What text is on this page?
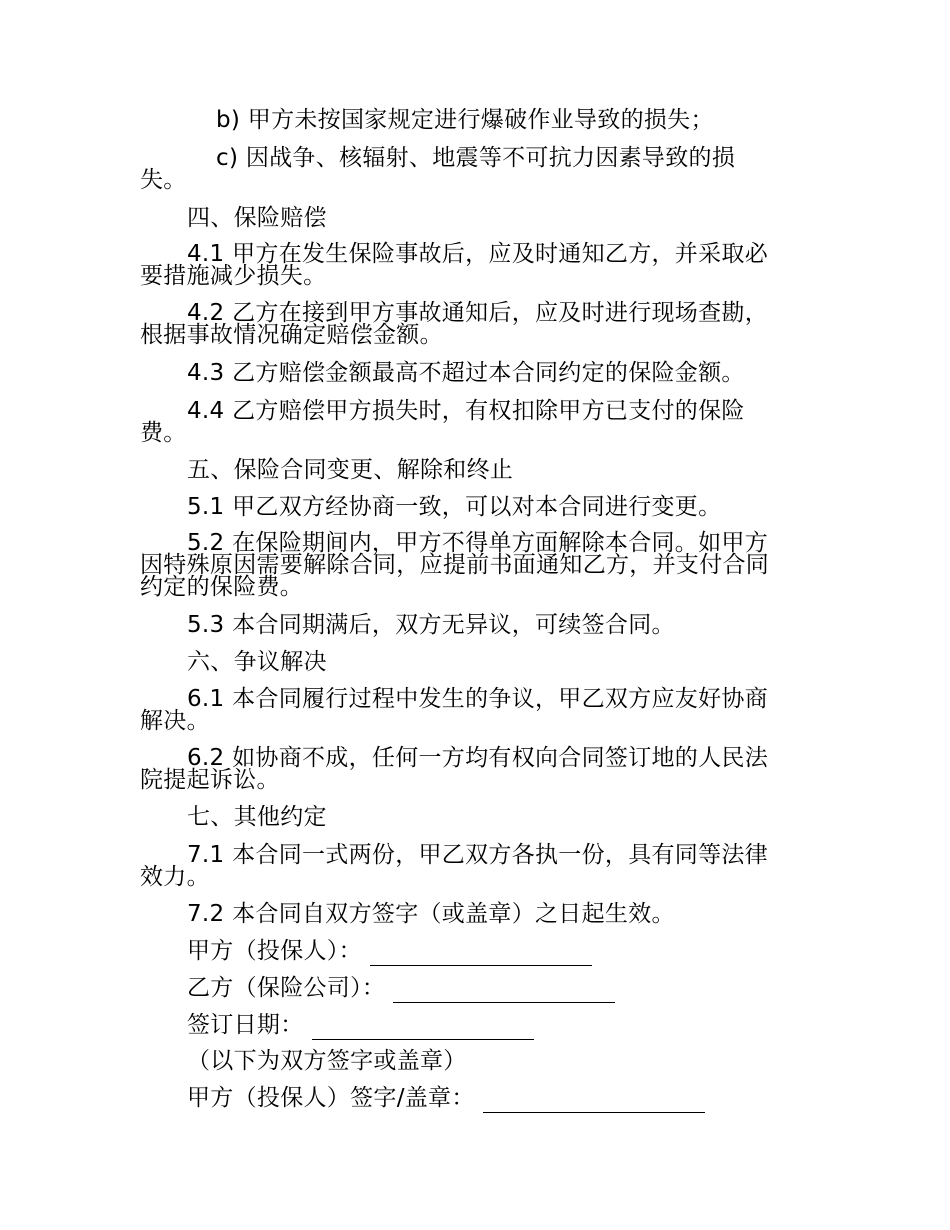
b) 甲方未按国家规定进行爆破作业导致的损失；
c) 因战争、核辐射、地震等不可抗力因素导致的损
失。
四、保险赔偿
4.1 甲方在发生保险事故后，应及时通知乙方，并采取必
要措施减少损失。
4.2 乙方在接到甲方事故通知后，应及时进行现场查勘，
根据事故情况确定赔偿金额。
4.3 乙方赔偿金额最高不超过本合同约定的保险金额。
4.4 乙方赔偿甲方损失时，有权扣除甲方已支付的保险
费。
五、保险合同变更、解除和终止
5.1 甲乙双方经协商一致，可以对本合同进行变更。
5.2 在保险期间内，甲方不得单方面解除本合同。如甲方
因特殊原因需要解除合同，应提前书面通知乙方，并支付合同
约定的保险费。
5.3 本合同期满后，双方无异议，可续签合同。
六、争议解决
6.1 本合同履行过程中发生的争议，甲乙双方应友好协商
解决。
6.2 如协商不成，任何一方均有权向合同签订地的人民法
院提起诉讼。
七、其他约定
7.1 本合同一式两份，甲乙双方各执一份，具有同等法律
效力。
7.2 本合同自双方签字（或盖章）之日起生效。
甲方（投保人）：
乙方（保险公司）：
签订日期：
（以下为双方签字或盖章）
甲方（投保人）签字/盖章：
